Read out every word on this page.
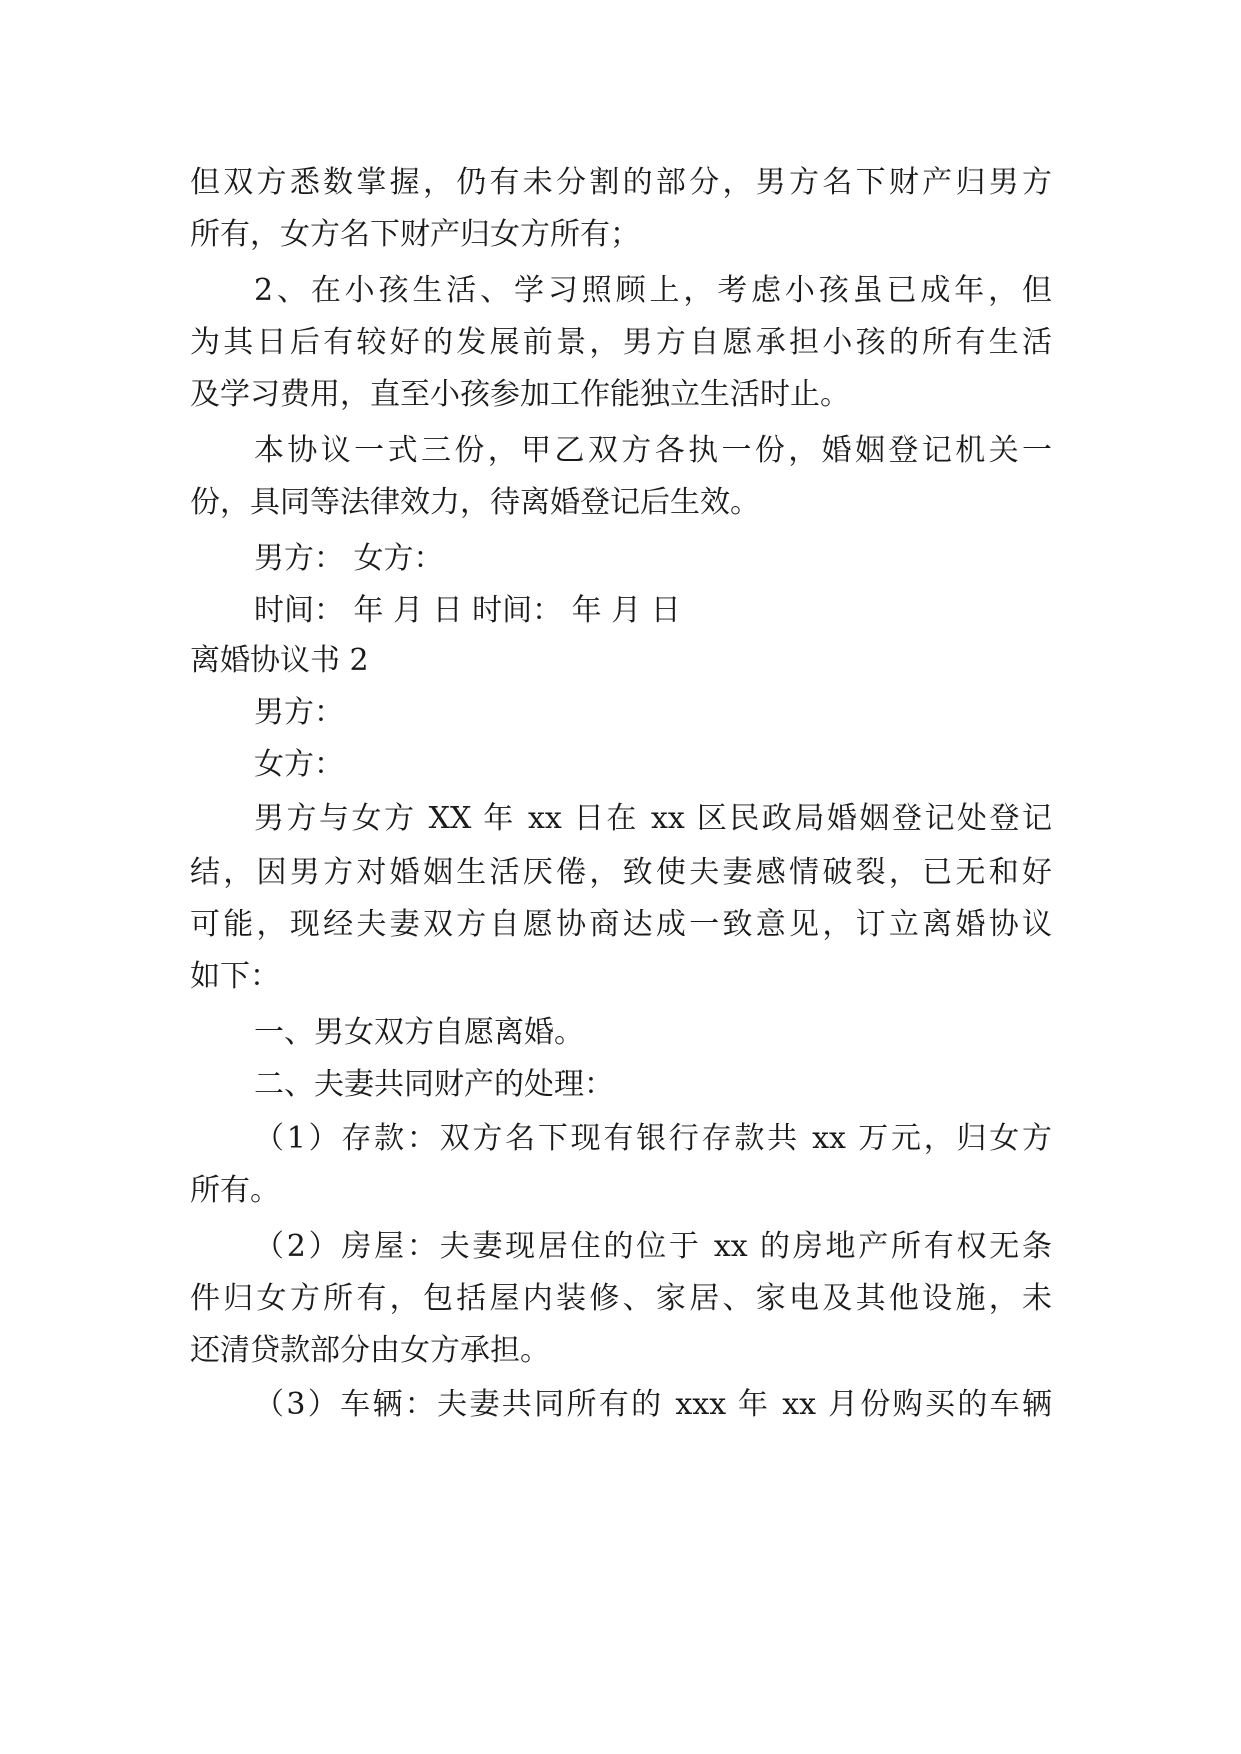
但双方悉数掌握，仍有未分割的部分，男方名下财产归男方
所有，女方名下财产归女方所有；
2、在小孩生活、学习照顾上，考虑小孩虽已成年，但
为其日后有较好的发展前景，男方自愿承担小孩的所有生活
及学习费用，直至小孩参加工作能独立生活时止。
本协议一式三份，甲乙双方各执一份，婚姻登记机关一
份，具同等法律效力，待离婚登记后生效。
男方： 女方：
时间： 年 月 日 时间： 年 月 日
离婚协议书 2
男方：
女方：
男方与女方 XX 年 xx 日在 xx 区民政局婚姻登记处登记
结，因男方对婚姻生活厌倦，致使夫妻感情破裂，已无和好
可能，现经夫妻双方自愿协商达成一致意见，订立离婚协议
如下：
一、男女双方自愿离婚。
二、夫妻共同财产的处理：
（1）存款：双方名下现有银行存款共 xx 万元，归女方
所有。
（2）房屋：夫妻现居住的位于 xx 的房地产所有权无条
件归女方所有，包括屋内装修、家居、家电及其他设施，未
还清贷款部分由女方承担。
（3）车辆：夫妻共同所有的 xxx 年 xx 月份购买的车辆
